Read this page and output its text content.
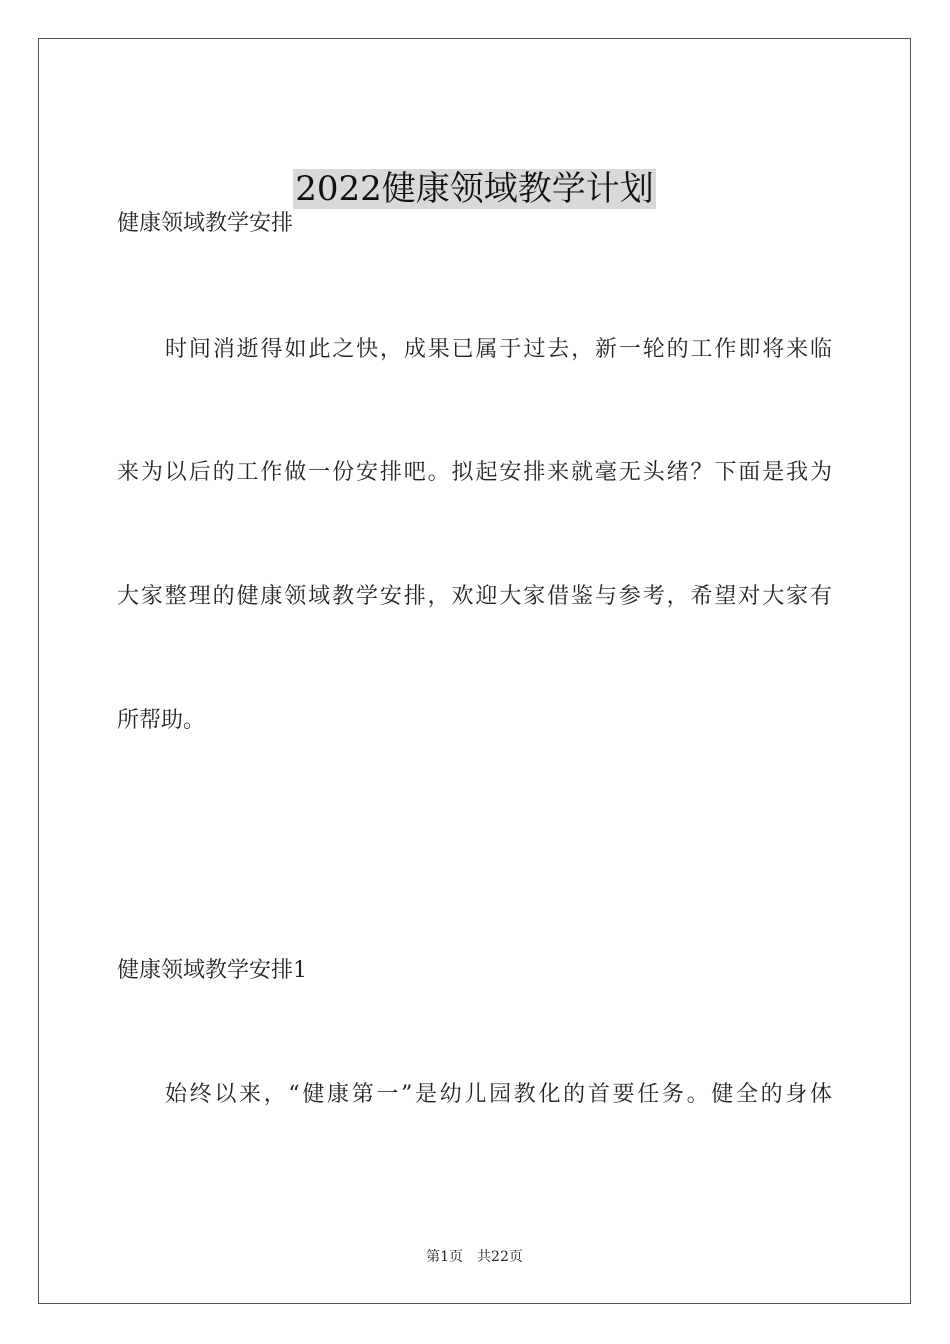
2022健康领域教学计划
健康领域教学安排
时间消逝得如此之快，成果已属于过去，新一轮的工作即将来临
来为以后的工作做一份安排吧。拟起安排来就毫无头绪？下面是我为
大家整理的健康领域教学安排，欢迎大家借鉴与参考，希望对大家有
所帮助。
健康领域教学安排1
始终以来，“健康第一”是幼儿园教化的首要任务。健全的身体
第1页 共22页
